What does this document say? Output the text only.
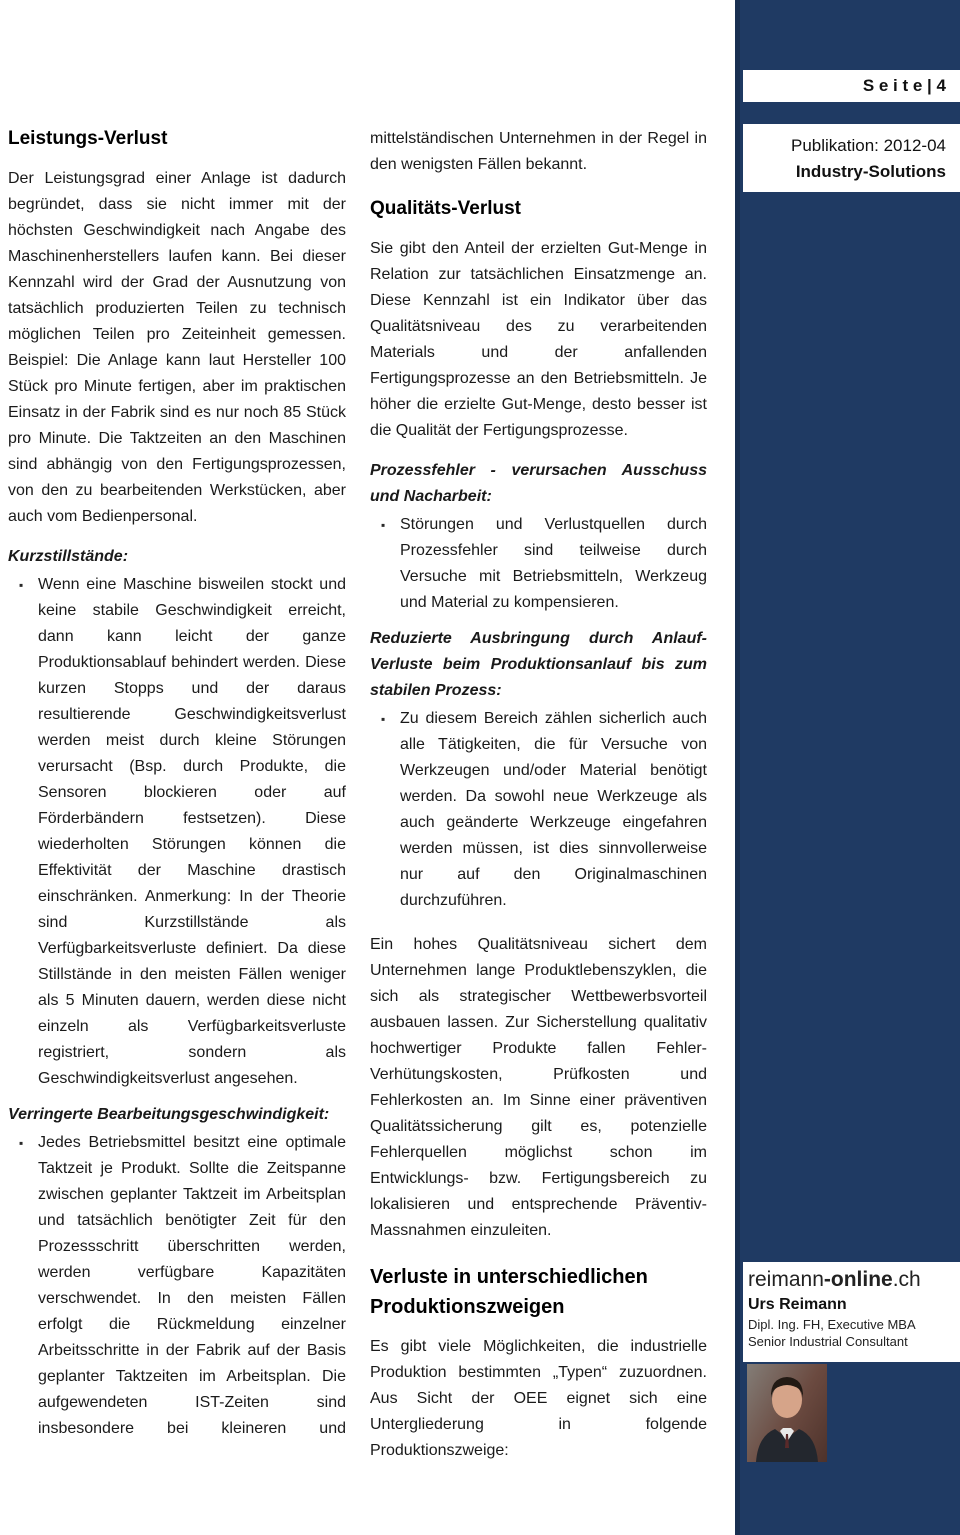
Leistungs-Verlust

Der Leistungsgrad einer Anlage ist dadurch begründet, dass sie nicht immer mit der höchsten Geschwindigkeit nach Angabe des Maschinenherstellers laufen kann. Bei dieser Kennzahl wird der Grad der Ausnutzung von tatsächlich produzierten Teilen zu technisch möglichen Teilen pro Zeiteinheit gemessen. Beispiel: Die Anlage kann laut Hersteller 100 Stück pro Minute fertigen, aber im praktischen Einsatz in der Fabrik sind es nur noch 85 Stück pro Minute. Die Taktzeiten an den Maschinen sind abhängig von den Fertigungsprozessen, von den zu bearbeitenden Werkstücken, aber auch vom Bedienpersonal.

Kurzstillstände:
▪ Wenn eine Maschine bisweilen stockt und keine stabile Geschwindigkeit erreicht, dann kann leicht der ganze Produktionsablauf behindert werden. Diese kurzen Stopps und der daraus resultierende Geschwindigkeitsverlust werden meist durch kleine Störungen verursacht (Bsp. durch Produkte, die Sensoren blockieren oder auf Förderbändern festsetzen). Diese wiederholten Störungen können die Effektivität der Maschine drastisch einschränken. Anmerkung: In der Theorie sind Kurzstillstände als Verfügbarkeitsverluste definiert. Da diese Stillstände in den meisten Fällen weniger als 5 Minuten dauern, werden diese nicht einzeln als Verfügbarkeitsverluste registriert, sondern als Geschwindigkeitsverlust angesehen.
Verringerte Bearbeitungsgeschwindigkeit:
▪ Jedes Betriebsmittel besitzt eine optimale Taktzeit je Produkt. Sollte die Zeitspanne zwischen geplanter Taktzeit im Arbeitsplan und tatsächlich benötigter Zeit für den Prozessschritt überschritten werden, werden verfügbare Kapazitäten verschwendet. In den meisten Fällen erfolgt die Rückmeldung einzelner Arbeitsschritte in der Fabrik auf der Basis geplanter Taktzeiten im Arbeitsplan. Die aufgewendeten IST-Zeiten sind insbesondere bei kleineren und

mittelständischen Unternehmen in der Regel in den wenigsten Fällen bekannt.

Qualitäts-Verlust

Sie gibt den Anteil der erzielten Gut-Menge in Relation zur tatsächlichen Einsatzmenge an. Diese Kennzahl ist ein Indikator über das Qualitätsniveau des zu verarbeitenden Materials und der anfallenden Fertigungsprozesse an den Betriebsmitteln. Je höher die erzielte Gut-Menge, desto besser ist die Qualität der Fertigungsprozesse.

Prozessfehler - verursachen Ausschuss und Nacharbeit:
▪ Störungen und Verlustquellen durch Prozessfehler sind teilweise durch Versuche mit Betriebsmitteln, Werkzeug und Material zu kompensieren.
Reduzierte Ausbringung durch Anlauf-Verluste beim Produktionsanlauf bis zum stabilen Prozess:
▪ Zu diesem Bereich zählen sicherlich auch alle Tätigkeiten, die für Versuche von Werkzeugen und/oder Material benötigt werden. Da sowohl neue Werkzeuge als auch geänderte Werkzeuge eingefahren werden müssen, ist dies sinnvollerweise nur auf den Originalmaschinen durchzuführen.

Ein hohes Qualitätsniveau sichert dem Unternehmen lange Produktlebenszyklen, die sich als strategischer Wettbewerbsvorteil ausbauen lassen. Zur Sicherstellung qualitativ hochwertiger Produkte fallen Fehler-Verhütungskosten, Prüfkosten und Fehlerkosten an. Im Sinne einer präventiven Qualitätssicherung gilt es, potenzielle Fehlerquellen möglichst schon im Entwicklungs- bzw. Fertigungsbereich zu lokalisieren und entsprechende Präventiv-Massnahmen einzuleiten.

Verluste in unterschiedlichen Produktionszweigen

Es gibt viele Möglichkeiten, die industrielle Produktion bestimmten „Typen“ zuzuordnen. Aus Sicht der OEE eignet sich eine Untergliederung in folgende Produktionszweige:

S e i t e | 4
Publikation: 2012-04
Industry-Solutions
reimann-online.ch
Urs Reimann
Dipl. Ing. FH, Executive MBA
Senior Industrial Consultant
